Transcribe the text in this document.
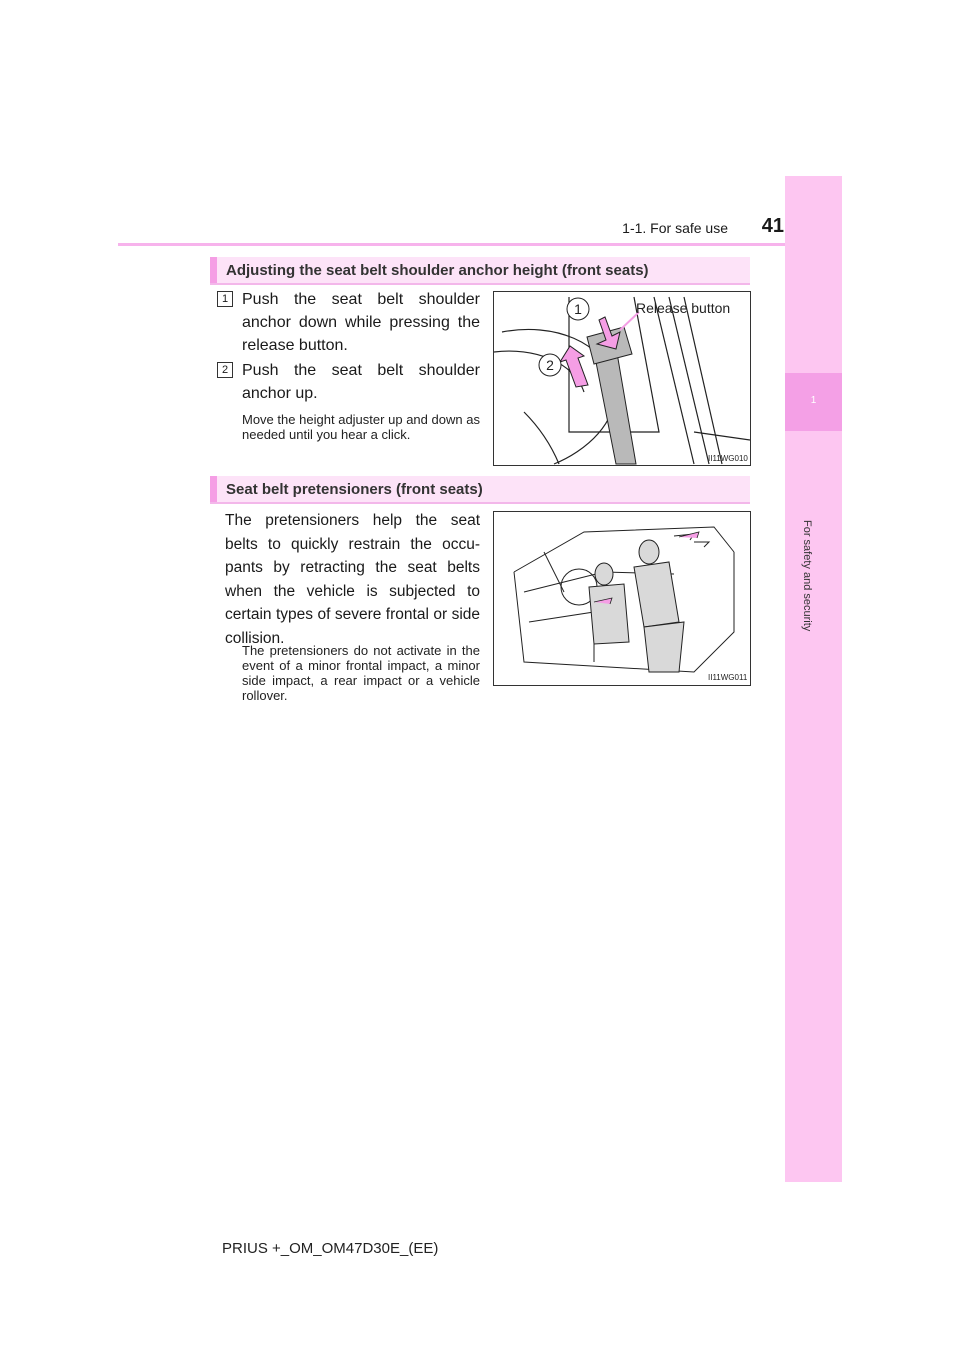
1-1. For safe use	41
1
For safety and security
Adjusting the seat belt shoulder anchor height (front seats)
1 Push the seat belt shoulder anchor down while pressing the release button.
2 Push the seat belt shoulder anchor up.
Move the height adjuster up and down as needed until you hear a click.
1
2
Release button
II11WG010
Seat belt pretensioners (front seats)
The pretensioners help the seat belts to quickly restrain the occu-pants by retracting the seat belts when the vehicle is subjected to certain types of severe frontal or side collision.
The pretensioners do not activate in the event of a minor frontal impact, a minor side impact, a rear impact or a vehicle rollover.
II11WG011
PRIUS +_OM_OM47D30E_(EE)
